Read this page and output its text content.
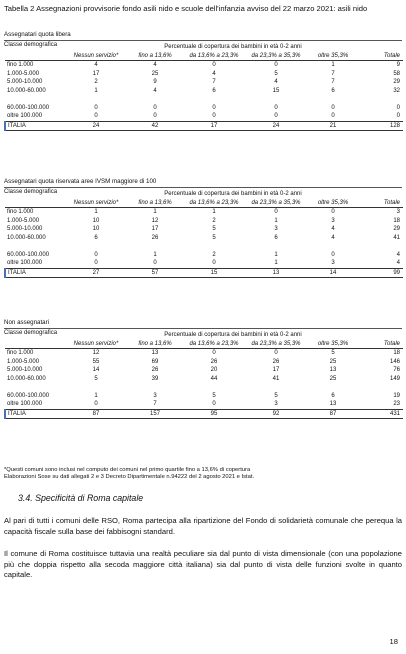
Tabella 2 Assegnazioni provvisorie fondo asili nido e scuole dell'infanzia avviso del 22 marzo 2021: asili nido
Assegnatari quota libera
Classe demografica	Percentuale di copertura dei bambini in età 0-2 anni
	Nessun servizio*	fino a 13,6%	da 13,6% a 23,3%	da 23,3% a 35,3%	oltre 35,3%	Totale
fino 1.000	4	4	0	0	1	9
1.000-5.000	17	25	4	5	7	58
5.000-10.000	2	9	7	4	7	29
10.000-60.000	1	4	6	15	6	32
60.000-100.000	0	0	0	0	0	0
oltre 100.000	0	0	0	0	0	0
ITALIA	24	42	17	24	21	128
Assegnatari quota riservata aree IVSM maggiore di 100
Classe demografica	Percentuale di copertura dei bambini in età 0-2 anni
	Nessun servizio*	fino a 13,6%	da 13,6% a 23,3%	da 23,3% a 35,3%	oltre 35,3%	Totale
fino 1.000	1	1	1	0	0	3
1.000-5.000	10	12	2	1	3	18
5.000-10.000	10	17	5	3	4	29
10.000-60.000	6	26	5	6	4	41
60.000-100.000	0	1	2	1	0	4
oltre 100.000	0	0	0	1	3	4
ITALIA	27	57	15	13	14	99
Non assegnatari
Classe demografica	Percentuale di copertura dei bambini in età 0-2 anni
	Nessun servizio*	fino a 13,6%	da 13,6% a 23,3%	da 23,3% a 35,3%	oltre 35,3%	Totale
fino 1.000	12	13	0	0	5	18
1.000-5.000	55	69	26	26	25	146
5.000-10.000	14	26	20	17	13	76
10.000-60.000	5	39	44	41	25	149
60.000-100.000	1	3	5	5	6	19
oltre 100.000	0	7	0	3	13	23
ITALIA	87	157	95	92	87	431
*Questi comuni sono inclusi nel computo dei comuni nel primo quartile fino a 13,6% di copertura
Elaborazioni Sose su dati allegati 2 e 3 Decreto Dipartimentale n.94222 del 2 agosto 2021 e Istat.
3.4. Specificità di Roma capitale
Al pari di tutti i comuni delle RSO, Roma partecipa alla ripartizione del Fondo di solidarietà comunale che perequa la capacità fiscale sulla base dei fabbisogni standard.
Il comune di Roma costituisce tuttavia una realtà peculiare sia dal punto di vista dimensionale (con una popolazione più che doppia rispetto alla secoda maggiore città italiana) sia dal punto di vista delle funzioni svolte in quanto capitale.
18
